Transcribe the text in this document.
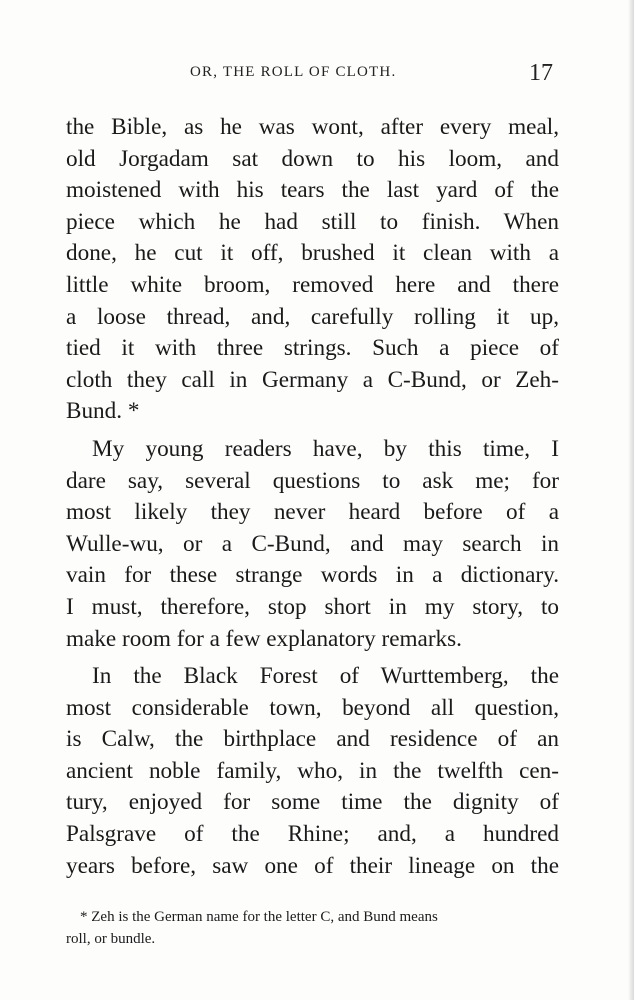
OR, THE ROLL OF CLOTH.	17
the Bible, as he was wont, after every meal,
old Jorgadam sat down to his loom, and
moistened with his tears the last yard of the
piece which he had still to finish. When
done, he cut it off, brushed it clean with a
little white broom, removed here and there
a loose thread, and, carefully rolling it up,
tied it with three strings. Such a piece of
cloth they call in Germany a C-Bund, or Zeh-
Bund. *
My young readers have, by this time, I
dare say, several questions to ask me; for
most likely they never heard before of a
Wulle-wu, or a C-Bund, and may search in
vain for these strange words in a dictionary.
I must, therefore, stop short in my story, to
make room for a few explanatory remarks.
In the Black Forest of Wurttemberg, the
most considerable town, beyond all question,
is Calw, the birthplace and residence of an
ancient noble family, who, in the twelfth cen-
tury, enjoyed for some time the dignity of
Palsgrave of the Rhine; and, a hundred
years before, saw one of their lineage on the
* Zeh is the German name for the letter C, and Bund means
roll, or bundle.
